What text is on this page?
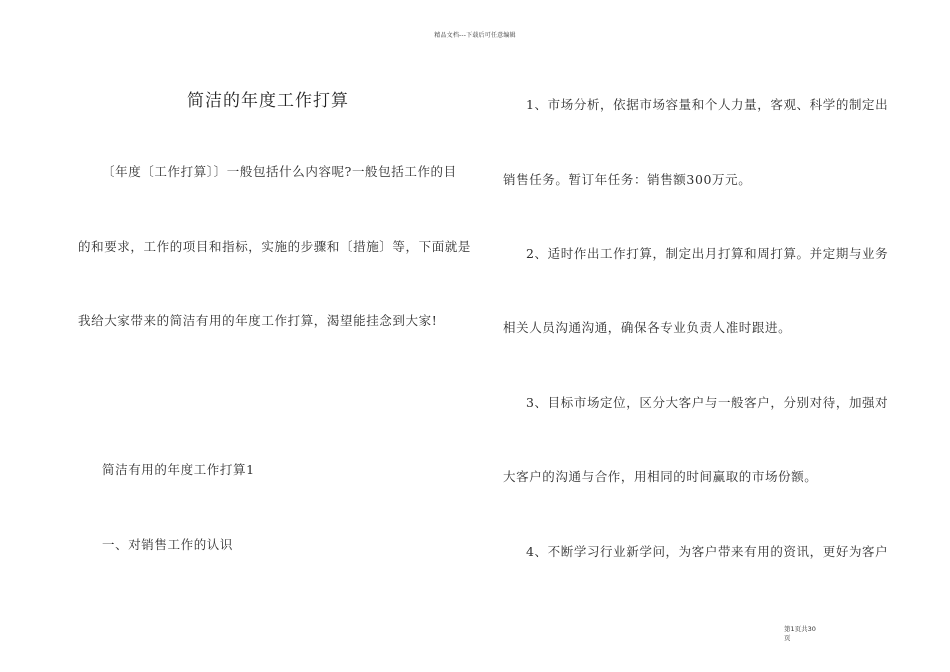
精品文档---下载后可任意编辑
简洁的年度工作打算
〔年度〔工作打算〕〕一般包括什么内容呢?一般包括工作的目
的和要求，工作的项目和指标，实施的步骤和〔措施〕等，下面就是
我给大家带来的简洁有用的年度工作打算，渴望能挂念到大家!
简洁有用的年度工作打算1
一、对销售工作的认识
1、市场分析，依据市场容量和个人力量，客观、科学的制定出
销售任务。暂订年任务：销售额300万元。
2、适时作出工作打算，制定出月打算和周打算。并定期与业务
相关人员沟通沟通，确保各专业负责人准时跟进。
3、目标市场定位，区分大客户与一般客户，分别对待，加强对
大客户的沟通与合作，用相同的时间赢取的市场份额。
4、不断学习行业新学问，为客户带来有用的资讯，更好为客户
第1页共30
页
